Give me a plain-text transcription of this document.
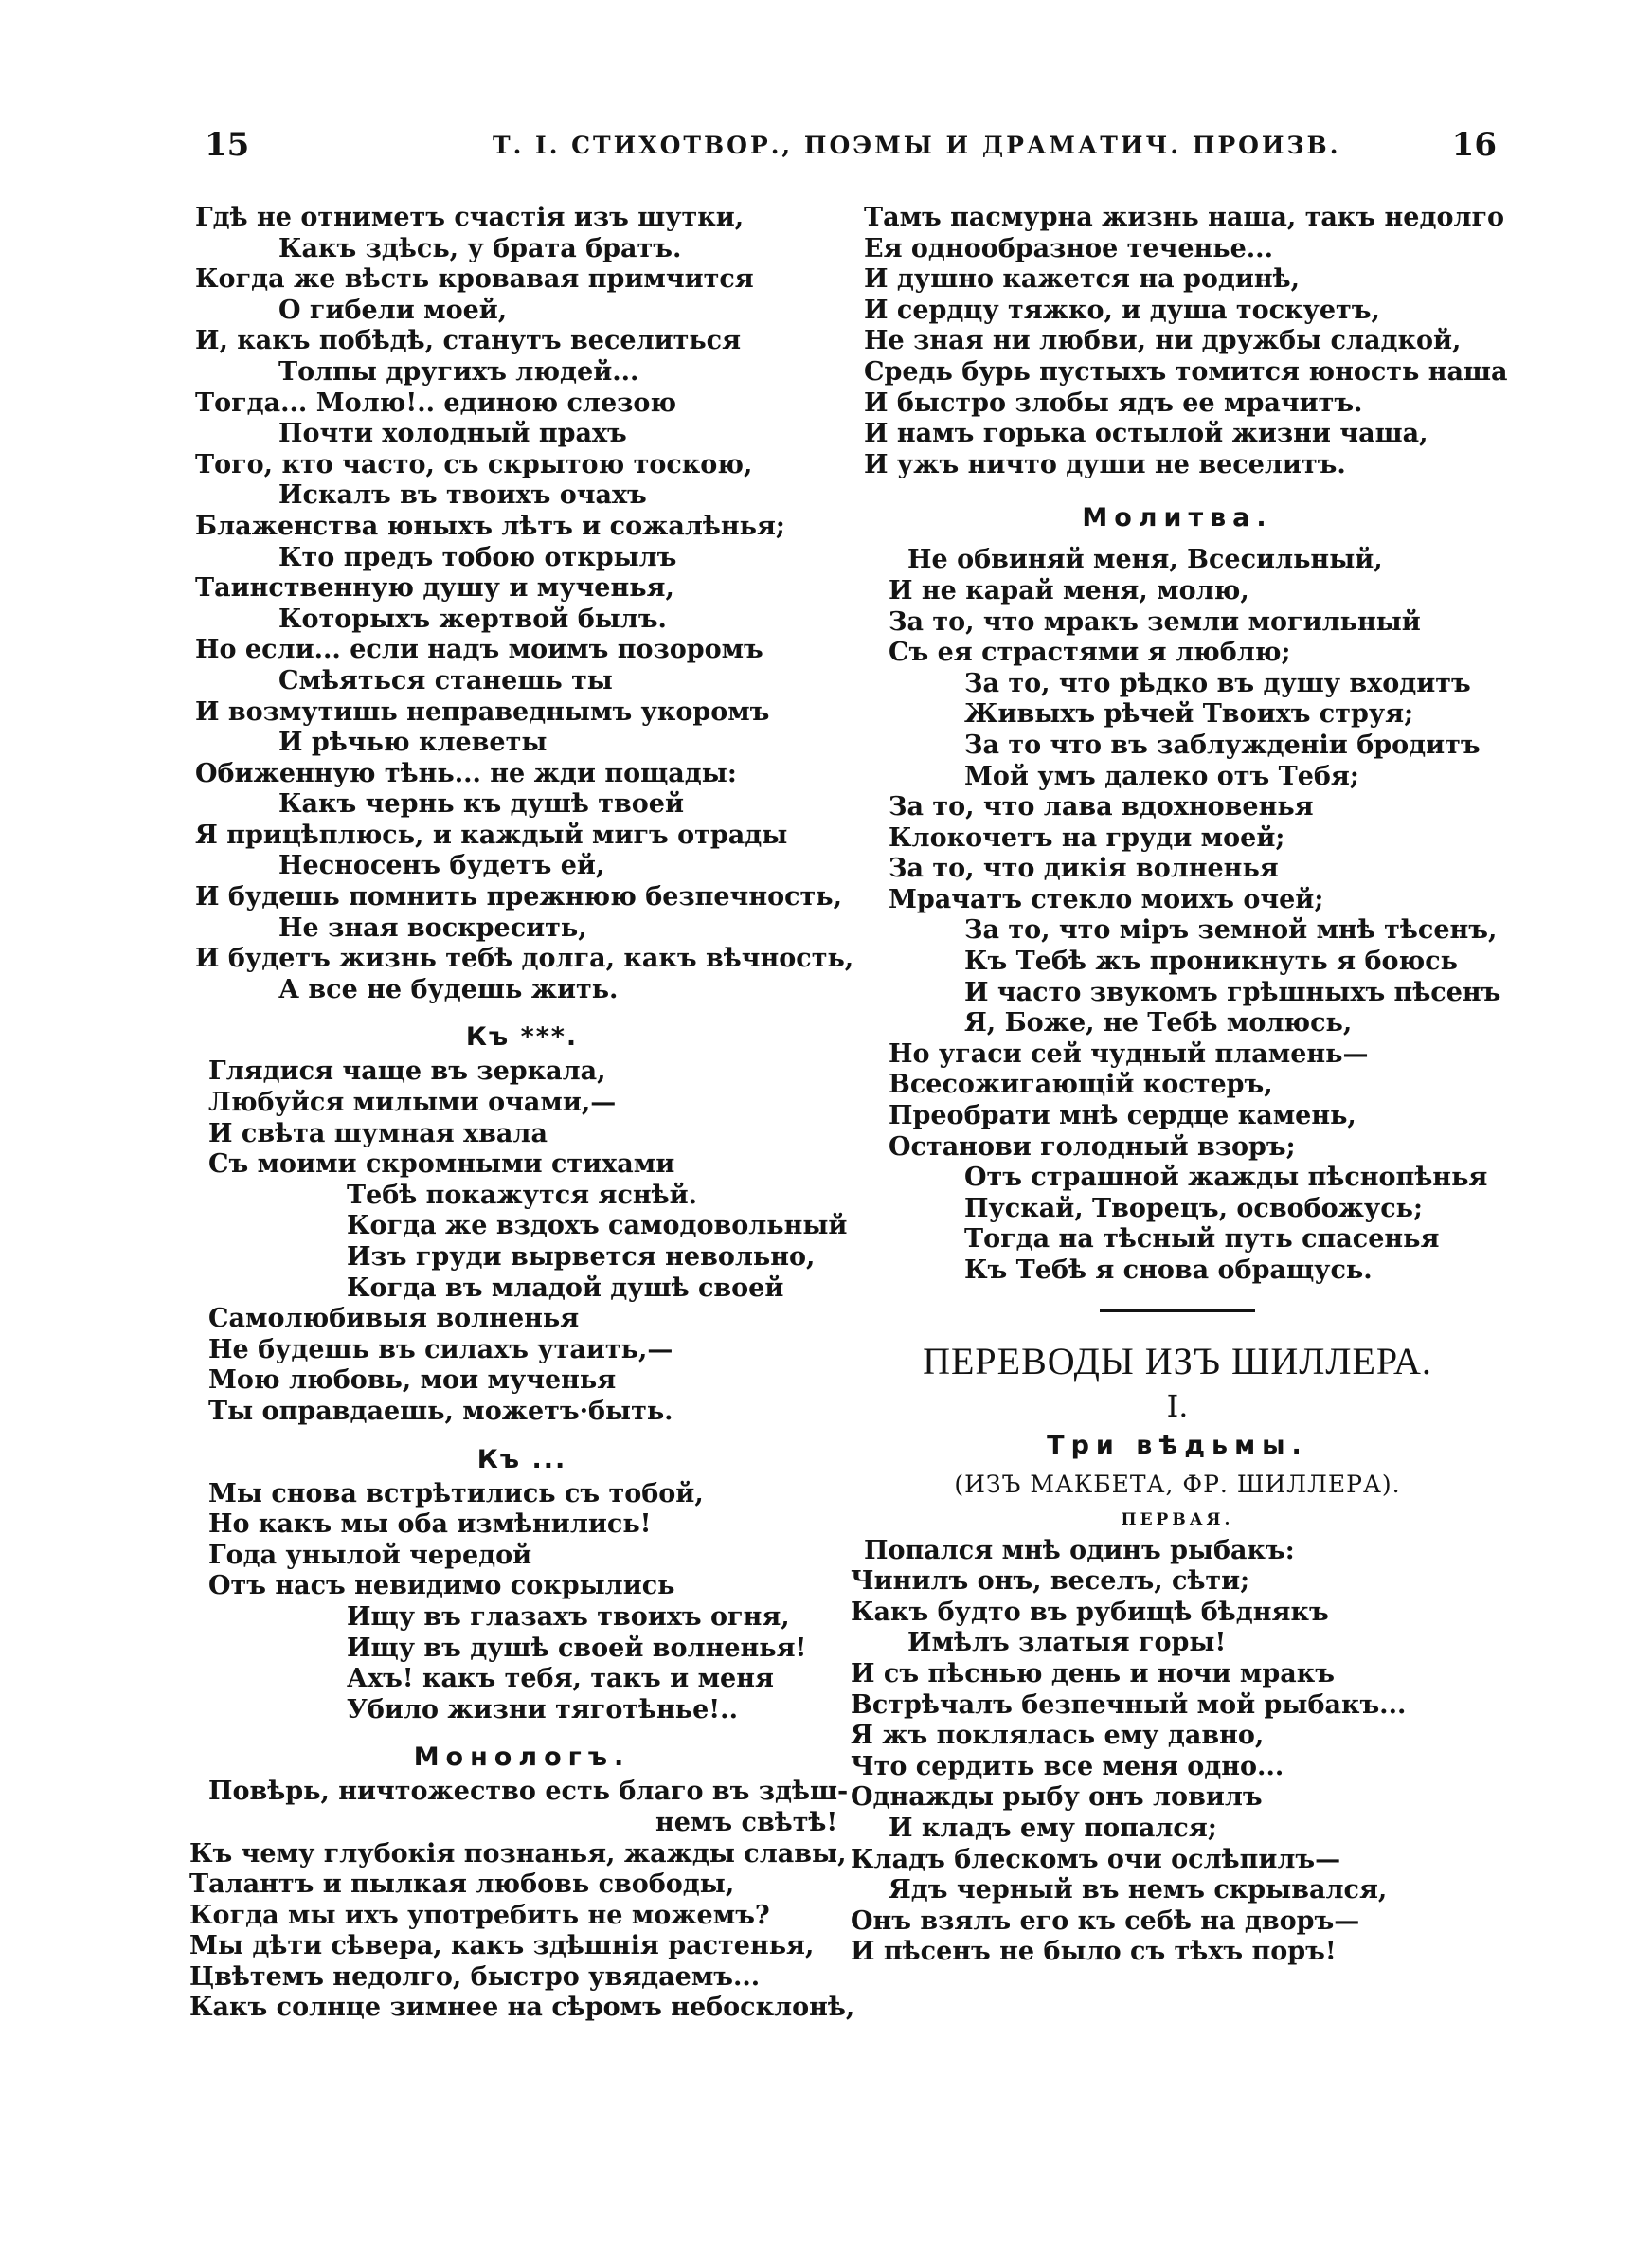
15	Т. I. СТИХОТВОР., ПОЭМЫ И ДРАМАТИЧ. ПРОИЗВ.	16
Гдѣ не отниметъ счастія изъ шутки,
Какъ здѣсь, у брата братъ.
Когда же вѣсть кровавая примчится
О гибели моей,
И, какъ побѣдѣ, станутъ веселиться
Толпы другихъ людей...
Тогда... Молю!.. единою слезою
Почти холодный прахъ
Того, кто часто, съ скрытою тоскою,
Искалъ въ твоихъ очахъ
Блаженства юныхъ лѣтъ и сожалѣнья;
Кто предъ тобою открылъ
Таинственную душу и мученья,
Которыхъ жертвой былъ.
Но если... если надъ моимъ позоромъ
Смѣяться станешь ты
И возмутишь неправеднымъ укоромъ
И рѣчью клеветы
Обиженную тѣнь... не жди пощады:
Какъ чернь къ душѣ твоей
Я прицѣплюсь, и каждый мигъ отрады
Несносенъ будетъ ей,
И будешь помнить прежнюю безпечность,
Не зная воскресить,
И будетъ жизнь тебѣ долга, какъ вѣчность,
А все не будешь жить.
Къ ***.
Глядися чаще въ зеркала,
Любуйся милыми очами,—
И свѣта шумная хвала
Съ моими скромными стихами
Тебѣ покажутся яснѣй.
Когда же вздохъ самодовольный
Изъ груди вырвется невольно,
Когда въ младой душѣ своей
Самолюбивыя волненья
Не будешь въ силахъ утаить,—
Мою любовь, мои мученья
Ты оправдаешь, можетъ·быть.
Къ ...
Мы снова встрѣтились съ тобой,
Но какъ мы оба измѣнились!
Года унылой чередой
Отъ насъ невидимо сокрылись
Ищу въ глазахъ твоихъ огня,
Ищу въ душѣ своей волненья!
Ахъ! какъ тебя, такъ и меня
Убило жизни тяготѣнье!..
Монологъ.
Повѣрь, ничтожество есть благо въ здѣш-
немъ свѣтѣ!
Къ чему глубокія познанья, жажды славы,
Талантъ и пылкая любовь свободы,
Когда мы ихъ употребить не можемъ?
Мы дѣти сѣвера, какъ здѣшнія растенья,
Цвѣтемъ недолго, быстро увядаемъ...
Какъ солнце зимнее на сѣромъ небосклонѣ,
Тамъ пасмурна жизнь наша, такъ недолго
Ея однообразное теченье...
И душно кажется на родинѣ,
И сердцу тяжко, и душа тоскуетъ,
Не зная ни любви, ни дружбы сладкой,
Средь бурь пустыхъ томится юность наша
И быстро злобы ядъ ее мрачитъ.
И намъ горька остылой жизни чаша,
И ужъ ничто души не веселитъ.
Молитва.
Не обвиняй меня, Всесильный,
И не карай меня, молю,
За то, что мракъ земли могильный
Съ ея страстями я люблю;
За то, что рѣдко въ душу входитъ
Живыхъ рѣчей Твоихъ струя;
За то что въ заблужденіи бродитъ
Мой умъ далеко отъ Тебя;
За то, что лава вдохновенья
Клокочетъ на груди моей;
За то, что дикія волненья
Мрачатъ стекло моихъ очей;
За то, что міръ земной мнѣ тѣсенъ,
Къ Тебѣ жъ проникнуть я боюсь
И часто звукомъ грѣшныхъ пѣсенъ
Я, Боже, не Тебѣ молюсь,
Но угаси сей чудный пламень—
Всесожигающій костеръ,
Преобрати мнѣ сердце камень,
Останови голодный взоръ;
Отъ страшной жажды пѣснопѣнья
Пускай, Творецъ, освобожусь;
Тогда на тѣсный путь спасенья
Къ Тебѣ я снова обращусь.
ПЕРЕВОДЫ ИЗЪ ШИЛЛЕРА.
I.
Три вѣдьмы.
(ИЗЪ МАКБЕТА, ФР. ШИЛЛЕРА).
ПЕРВАЯ.
Попался мнѣ одинъ рыбакъ:
Чинилъ онъ, веселъ, сѣти;
Какъ будто въ рубищѣ бѣднякъ
Имѣлъ златыя горы!
И съ пѣснью день и ночи мракъ
Встрѣчалъ безпечный мой рыбакъ...
Я жъ поклялась ему давно,
Что сердить все меня одно...
Однажды рыбу онъ ловилъ
И кладъ ему попался;
Кладъ блескомъ очи ослѣпилъ—
Ядъ черный въ немъ скрывался,
Онъ взялъ его къ себѣ на дворъ—
И пѣсенъ не было съ тѣхъ поръ!
